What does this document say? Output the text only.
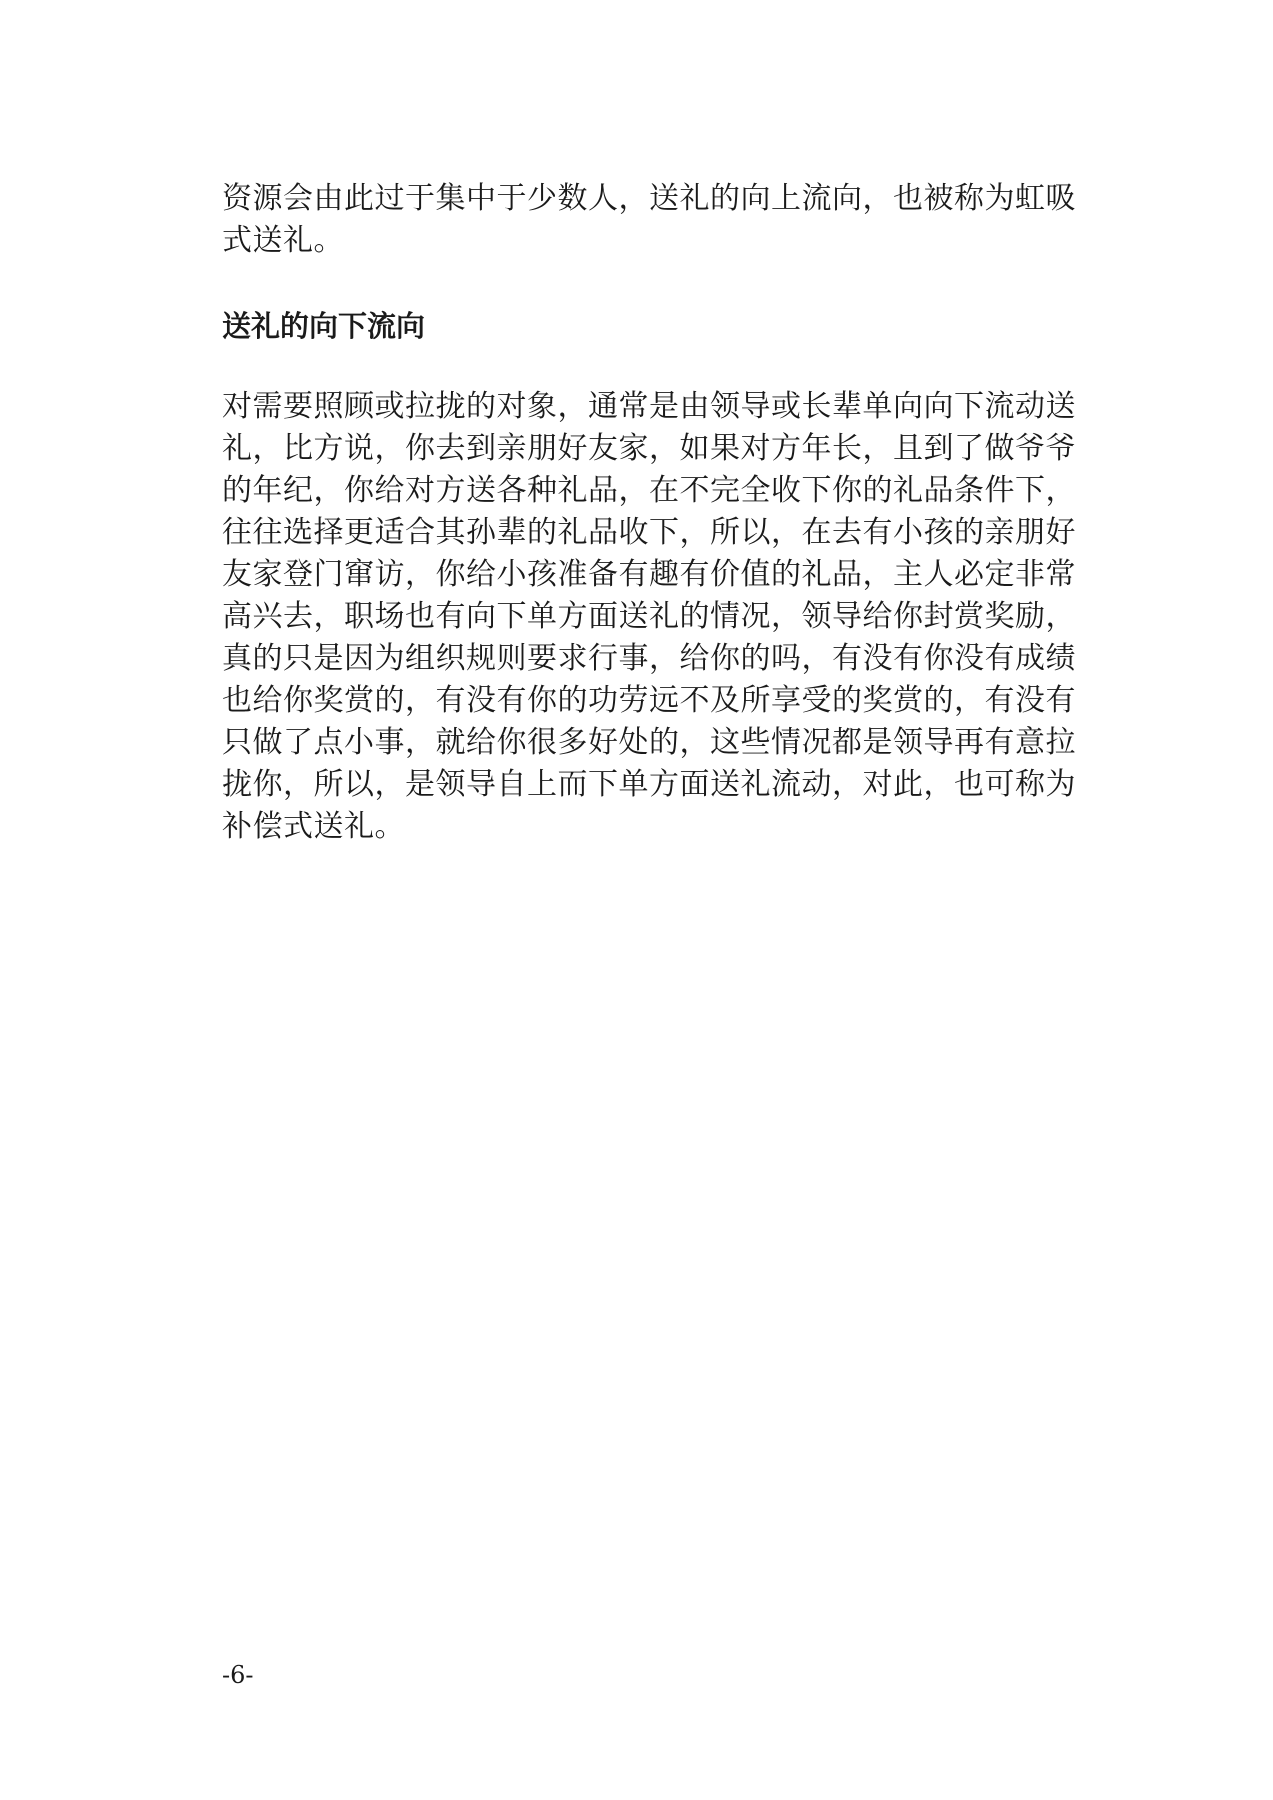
资源会由此过于集中于少数人，送礼的向上流向，也被称为虹吸
式送礼。
送礼的向下流向
对需要照顾或拉拢的对象，通常是由领导或长辈单向向下流动送
礼，比方说，你去到亲朋好友家，如果对方年长，且到了做爷爷
的年纪，你给对方送各种礼品，在不完全收下你的礼品条件下，
往往选择更适合其孙辈的礼品收下，所以，在去有小孩的亲朋好
友家登门窜访，你给小孩准备有趣有价值的礼品，主人必定非常
高兴去，职场也有向下单方面送礼的情况，领导给你封赏奖励，
真的只是因为组织规则要求行事，给你的吗，有没有你没有成绩
也给你奖赏的，有没有你的功劳远不及所享受的奖赏的，有没有
只做了点小事，就给你很多好处的，这些情况都是领导再有意拉
拢你，所以，是领导自上而下单方面送礼流动，对此，也可称为
补偿式送礼。
-6-
